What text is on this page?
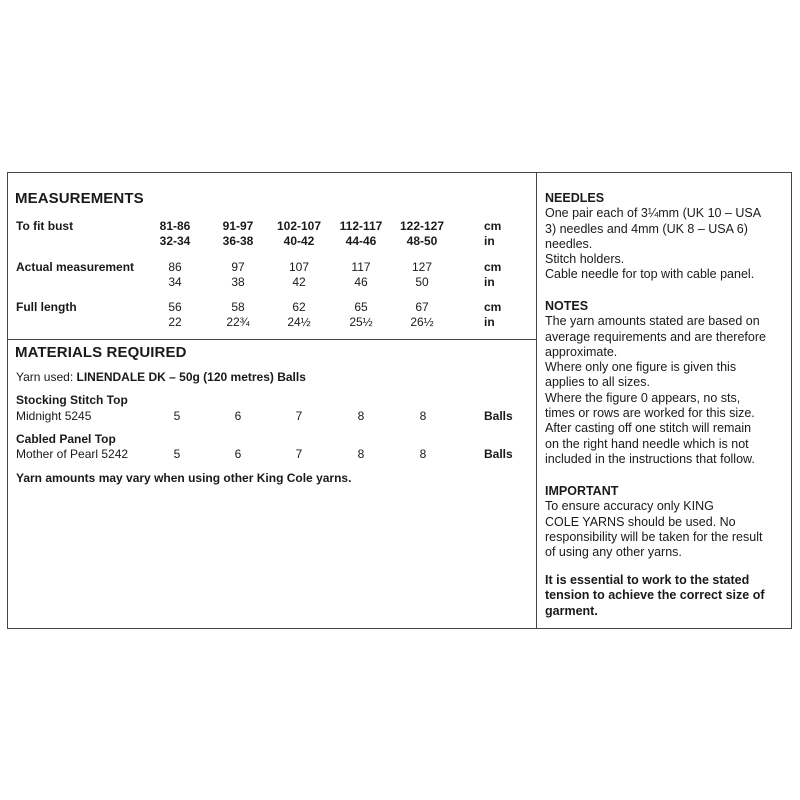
MEASUREMENTS
To fit bust	81-86	91-97	102-107	112-117	122-127	cm
32-34	36-38	40-42	44-46	48-50	in
Actual measurement	86	97	107	117	127	cm
34	38	42	46	50	in
Full length	56	58	62	65	67	cm
22	22¾	24½	25½	26½	in
MATERIALS REQUIRED
Yarn used: LINENDALE DK – 50g (120 metres) Balls
Stocking Stitch Top
Midnight 5245	5	6	7	8	8	Balls
Cabled Panel Top
Mother of Pearl 5242	5	6	7	8	8	Balls
Yarn amounts may vary when using other King Cole yarns.

NEEDLES

One pair each of 3¼mm (UK 10 – USA

3) needles and 4mm (UK 8 – USA 6)

needles.

Stitch holders.

Cable needle for top with cable panel.

NOTES

The yarn amounts stated are based on

average requirements and are therefore

approximate.

Where only one figure is given this

applies to all sizes.

Where the figure 0 appears, no sts,

times or rows are worked for this size.

After casting off one stitch will remain

on the right hand needle which is not

included in the instructions that follow.

IMPORTANT

To ensure accuracy only KING

COLE YARNS should be used. No

responsibility will be taken for the result

of using any other yarns.

It is essential to work to the stated

tension to achieve the correct size of

garment.
